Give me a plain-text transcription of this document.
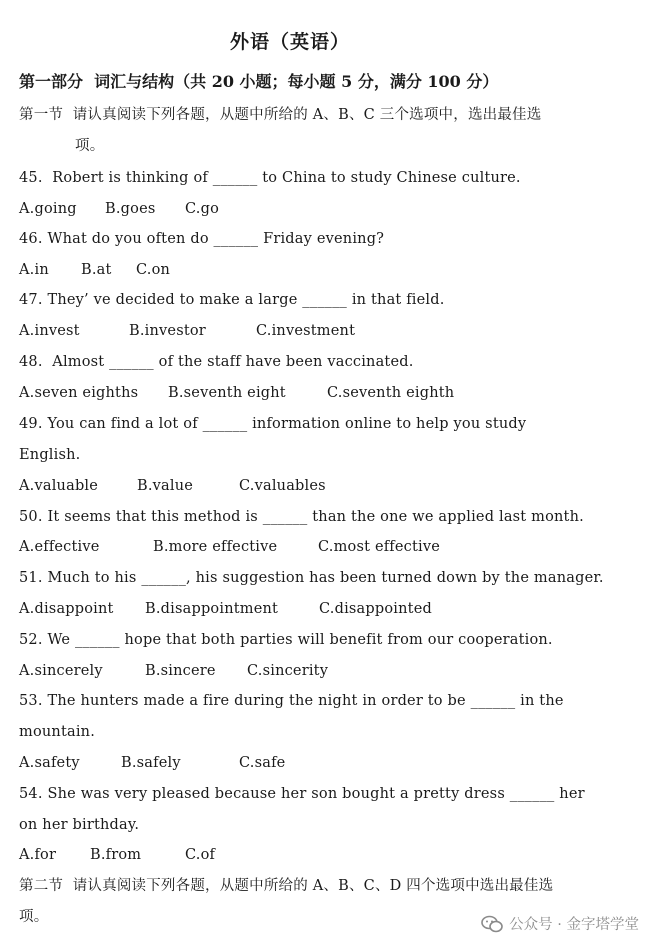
外语（英语）
第一部分  词汇与结构（共 20 小题；每小题 5 分，满分 100 分）
第一节  请认真阅读下列各题，从题中所给的 A、B、C 三个选项中，选出最佳选
项。
45.  Robert is thinking of ______ to China to study Chinese culture.
A.going B.goes C.go
46. What do you often do ______ Friday evening?
A.in B.at C.on
47. They’ ve decided to make a large ______ in that field.
A.invest	B.investor	C.investment
48.  Almost ______ of the staff have been vaccinated.
A.seven eighths B.seventh eight	C.seventh eighth
49. You can find a lot of ______ information online to help you study
English.
A.valuable	B.value	C.valuables
50. It seems that this method is ______ than the one we applied last month.
A.effective	B.more effective	C.most effective
51. Much to his ______, his suggestion has been turned down by the manager.
A.disappoint B.disappointment	C.disappointed
52. We ______ hope that both parties will benefit from our cooperation.
A.sincerely	B.sincere C.sincerity
53. The hunters made a fire during the night in order to be ______ in the
mountain.
A.safety	B.safely	C.safe
54. She was very pleased because her son bought a pretty dress ______ her
on her birthday.
A.for B.from	C.of
第二节  请认真阅读下列各题，从题中所给的 A、B、C、D 四个选项中选出最佳选
项。	公众号 · 金字塔学堂
